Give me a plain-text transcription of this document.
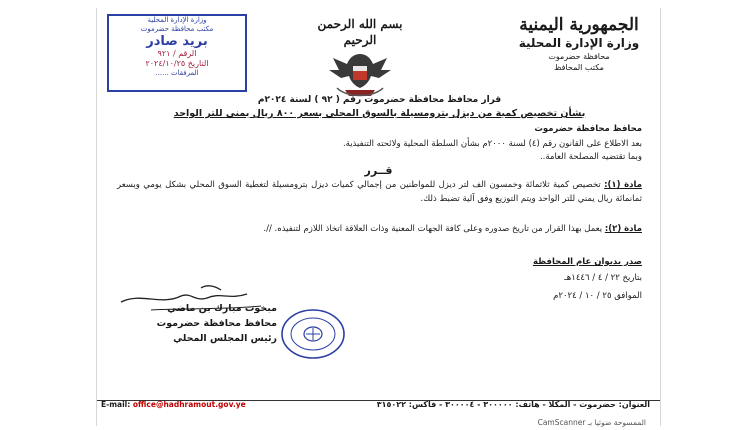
الجمهورية اليمنية
وزارة الإدارة المحلية
محافظة حضرموت
مكتب المحافظ
بسم الله الرحمن الرحيم
وزارة الإدارة المحلية
مكتب محافظة حضرموت
بريد صادر
الرقم / ٩٢١
التاريخ ٢٠٢٤/١٠/٢٥
المرفقات ......
قرار محافظ محافظة حضرموت رقم ( ٩٢ ) لسنة ٢٠٢٤م
بشأن تخصيص كمية من ديزل بترومسيلة بالسوق المحلي بسعر ٨٠٠ ريال يمني للتر الواحد
محافظ محافظة حضرموت
بعد الاطلاع على القانون رقم (٤) لسنة ٢٠٠٠م بشأن السلطة المحلية ولائحته التنفيذية.
وبما تقتضيه المصلحة العامة..
قــرر
مادة (١): تخصيص كمية ثلاثمائة وخمسون الف لتر ديزل للمواطنين من إجمالي كميات ديزل بترومسيلة لتغطية السوق المحلي بشكل يومي وبسعر ثمانمائة ريال يمني للتر الواحد ويتم التوزيع وفق آلية تضبط ذلك.
مادة (٢): يعمل بهذا القرار من تاريخ صدوره وعلى كافة الجهات المعنية وذات العلاقة اتخاذ اللازم لتنفيذه. //.
صدر بديوان عام المحافظة
بتاريخ ٢٢ / ٤ / ١٤٤٦هـ
الموافق ٢٥ / ١٠ / ٢٠٢٤م
مبخوت مبارك بن ماضي
محافظ محافظة حضرموت
رئيس المجلس المحلي
العنوان: حضرموت - المكلا - هاتف: ٣٠٠٠٠٠ - ٣٠٠٠٠٤ - فاكس: ٣١٥٠٢٢
E-mail: office@hadhramout.gov.ye
الممسوحة ضوئيا بـ CamScanner
